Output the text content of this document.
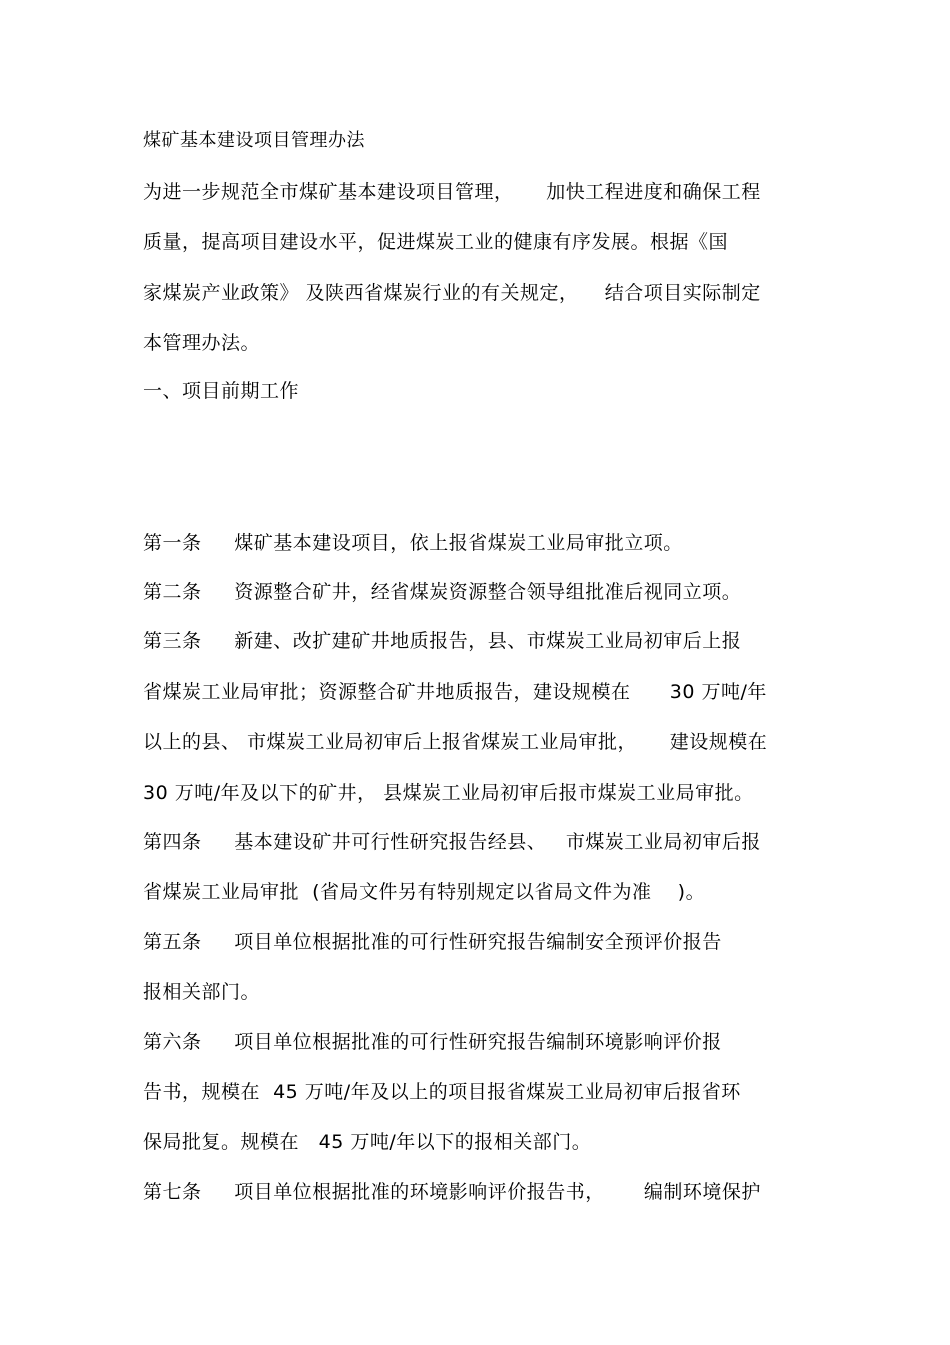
煤矿基本建设项目管理办法
为进一步规范全市煤矿基本建设项目管理，     加快工程进度和确保工程
质量，提高项目建设水平，促进煤炭工业的健康有序发展。根据《国
家煤炭产业政策》 及陕西省煤炭行业的有关规定，    结合项目实际制定
本管理办法。
一、项目前期工作
第一条     煤矿基本建设项目，依上报省煤炭工业局审批立项。
第二条     资源整合矿井，经省煤炭资源整合领导组批准后视同立项。
第三条     新建、改扩建矿井地质报告，县、市煤炭工业局初审后上报
省煤炭工业局审批；资源整合矿井地质报告，建设规模在      30 万吨/年
以上的县、 市煤炭工业局初审后上报省煤炭工业局审批，     建设规模在
30 万吨/年及以下的矿井， 县煤炭工业局初审后报市煤炭工业局审批。
第四条     基本建设矿井可行性研究报告经县、   市煤炭工业局初审后报
省煤炭工业局审批  (省局文件另有特别规定以省局文件为准    )。
第五条     项目单位根据批准的可行性研究报告编制安全预评价报告
报相关部门。
第六条     项目单位根据批准的可行性研究报告编制环境影响评价报
告书，规模在  45 万吨/年及以上的项目报省煤炭工业局初审后报省环
保局批复。规模在   45 万吨/年以下的报相关部门。
第七条     项目单位根据批准的环境影响评价报告书，      编制环境保护
